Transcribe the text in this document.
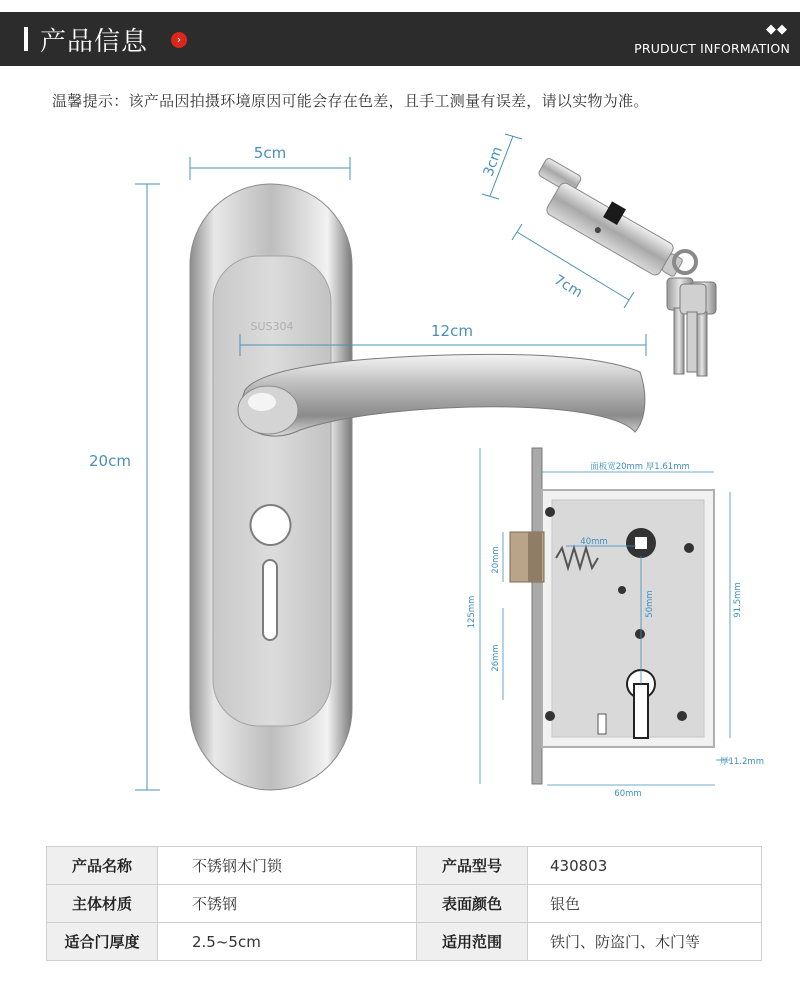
产品信息	›
◆◆
PRUDUCT INFORMATION
温馨提示：该产品因拍摄环境原因可能会存在色差，且手工测量有误差，请以实物为准。
5cm
20cm
SUS304	12cm
3cm
7cm
面板宽20mm 厚1.61mm
20mm
40mm
50mm
125mm
26mm
91.5mm
厚11.2mm
60mm
产品名称	不锈钢木门锁	产品型号	430803
主体材质	不锈钢	表面颜色	银色
适合门厚度	2.5~5cm	适用范围	铁门、防盗门、木门等
